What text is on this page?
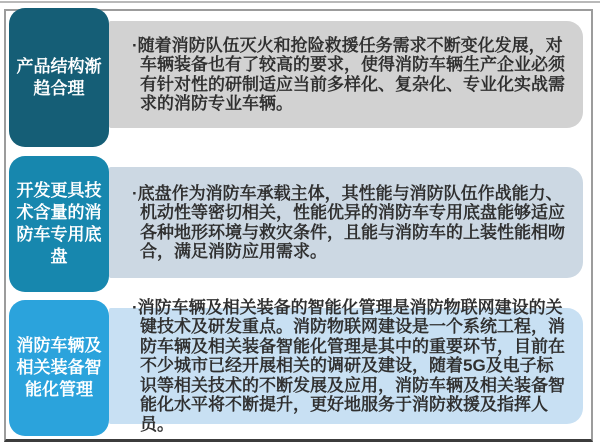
产品结构渐趋合理

·随着消防队伍灭火和抢险救援任务需求不断变化发展，对车辆装备也有了较高的要求，使得消防车辆生产企业必须有针对性的研制适应当前多样化、复杂化、专业化实战需求的消防专业车辆。

开发更具技术含量的消防车专用底盘

·底盘作为消防车承载主体，其性能与消防队伍作战能力、机动性等密切相关，性能优异的消防车专用底盘能够适应各种地形环境与救灾条件，且能与消防车的上装性能相吻合，满足消防应用需求。

消防车辆及相关装备智能化管理

·消防车辆及相关装备的智能化管理是消防物联网建设的关键技术及研发重点。消防物联网建设是一个系统工程，消防车辆及相关装备智能化管理是其中的重要环节，目前在不少城市已经开展相关的调研及建设，随着5G及电子标识等相关技术的不断发展及应用，消防车辆及相关装备智能化水平将不断提升，更好地服务于消防救援及指挥人员。
